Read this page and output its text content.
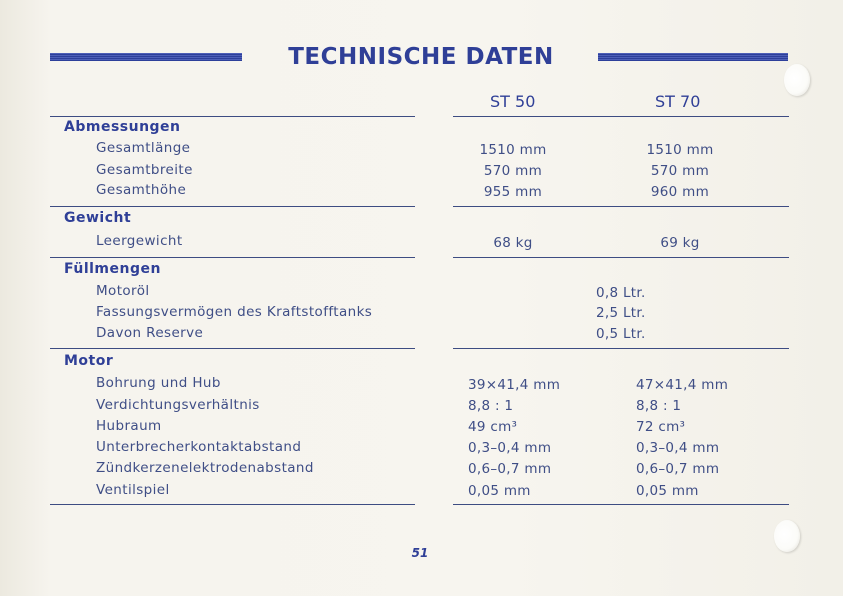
TECHNISCHE DATEN
ST 50	ST 70
Abmessungen
Gesamtlänge	1510 mm	1510 mm
Gesamtbreite	570 mm	570 mm
Gesamthöhe	955 mm	960 mm
Gewicht
Leergewicht	68 kg	69 kg
Füllmengen
Motoröl	0,8 Ltr.
Fassungsvermögen des Kraftstofftanks	2,5 Ltr.
Davon Reserve	0,5 Ltr.
Motor
Bohrung und Hub	39×41,4 mm	47×41,4 mm
Verdichtungsverhältnis	8,8 : 1	8,8 : 1
Hubraum	49 cm³	72 cm³
Unterbrecherkontaktabstand	0,3–0,4 mm	0,3–0,4 mm
Zündkerzenelektrodenabstand	0,6–0,7 mm	0,6–0,7 mm
Ventilspiel	0,05 mm	0,05 mm
51
